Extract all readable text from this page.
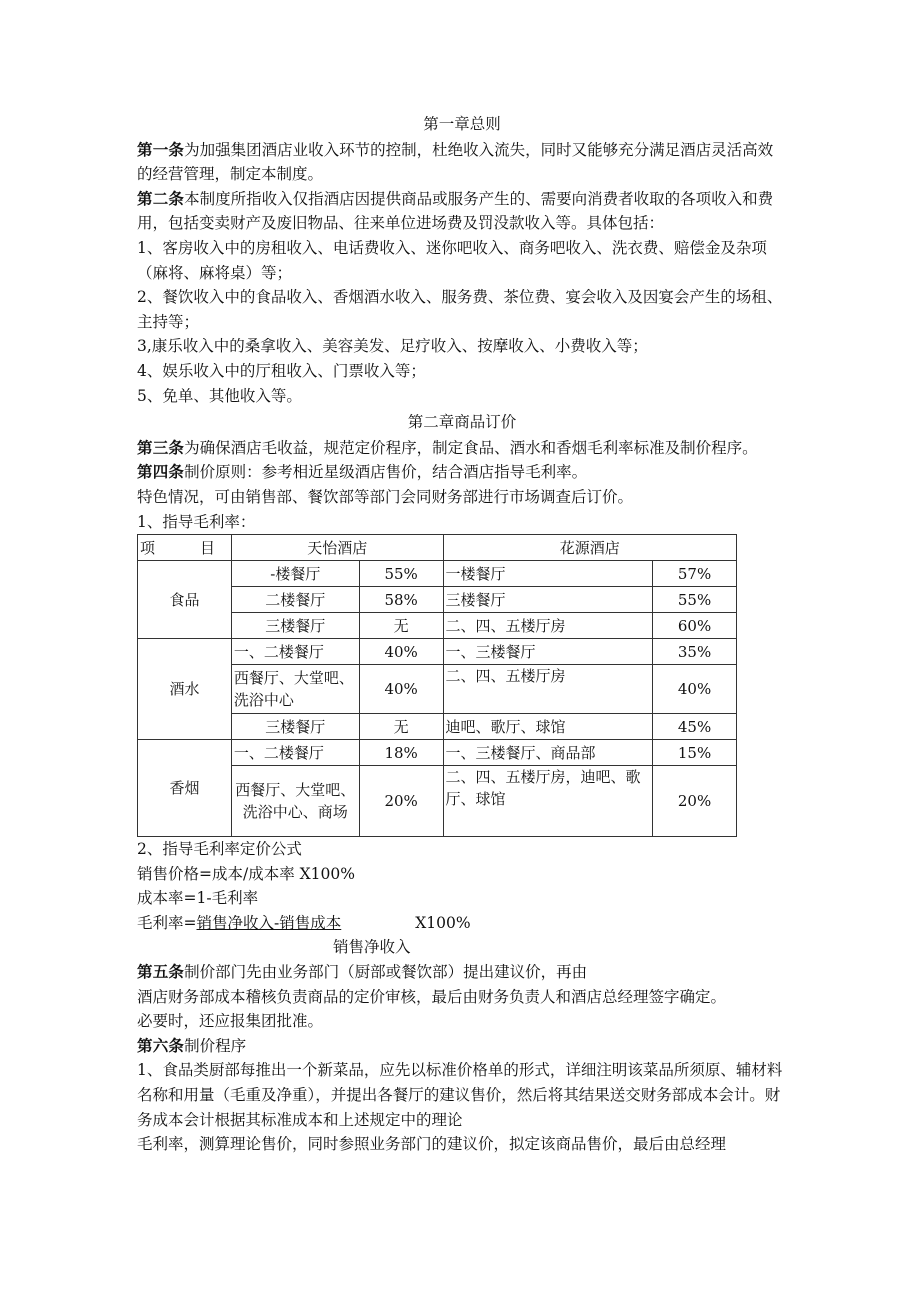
第一章总则

第一条为加强集团酒店业收入环节的控制，杜绝收入流失，同时又能够充分满足酒店灵活高效的经营管理，制定本制度。

第二条本制度所指收入仅指酒店因提供商品或服务产生的、需要向消费者收取的各项收入和费用，包括变卖财产及废旧物品、往来单位进场费及罚没款收入等。具体包括：

1、客房收入中的房租收入、电话费收入、迷你吧收入、商务吧收入、洗衣费、赔偿金及杂项（麻将、麻将桌）等；

2、餐饮收入中的食品收入、香烟酒水收入、服务费、茶位费、宴会收入及因宴会产生的场租、主持等；

3,康乐收入中的桑拿收入、美容美发、足疗收入、按摩收入、小费收入等；

4、娱乐收入中的厅租收入、门票收入等；

5、免单、其他收入等。

第二章商品订价

第三条为确保酒店毛收益，规范定价程序，制定食品、酒水和香烟毛利率标准及制价程序。

第四条制价原则：参考相近星级酒店售价，结合酒店指导毛利率。

特色情况，可由销售部、餐饮部等部门会同财务部进行市场调查后订价。

1、指导毛利率：

项　　　目	天怡酒店		花源酒店	
食品	-楼餐厅	55%	一楼餐厅	57%
	二楼餐厅	58%	三楼餐厅	55%
	三楼餐厅	无	二、四、五楼厅房	60%
酒水	一、二楼餐厅	40%	一、三楼餐厅	35%
	西餐厅、大堂吧、洗浴中心	40%	二、四、五楼厅房	40%
	三楼餐厅	无	迪吧、歌厅、球馆	45%
香烟	一、二楼餐厅	18%	一、三楼餐厅、商品部	15%
	西餐厅、大堂吧、洗浴中心、商场	20%	二、四、五楼厅房，迪吧、歌厅、球馆	20%

2、指导毛利率定价公式

销售价格=成本/成本率 X100%

成本率=1-毛利率

毛利率=销售净收入-销售成本	X100%

销售净收入

第五条制价部门先由业务部门（厨部或餐饮部）提出建议价，再由

酒店财务部成本稽核负责商品的定价审核，最后由财务负责人和酒店总经理签字确定。

必要时，还应报集团批准。

第六条制价程序

1、食品类厨部每推出一个新菜品，应先以标准价格单的形式，详细注明该菜品所须原、辅材料名称和用量（毛重及净重），并提出各餐厅的建议售价，然后将其结果送交财务部成本会计。财务成本会计根据其标准成本和上述规定中的理论

毛利率，测算理论售价，同时参照业务部门的建议价，拟定该商品售价，最后由总经理
